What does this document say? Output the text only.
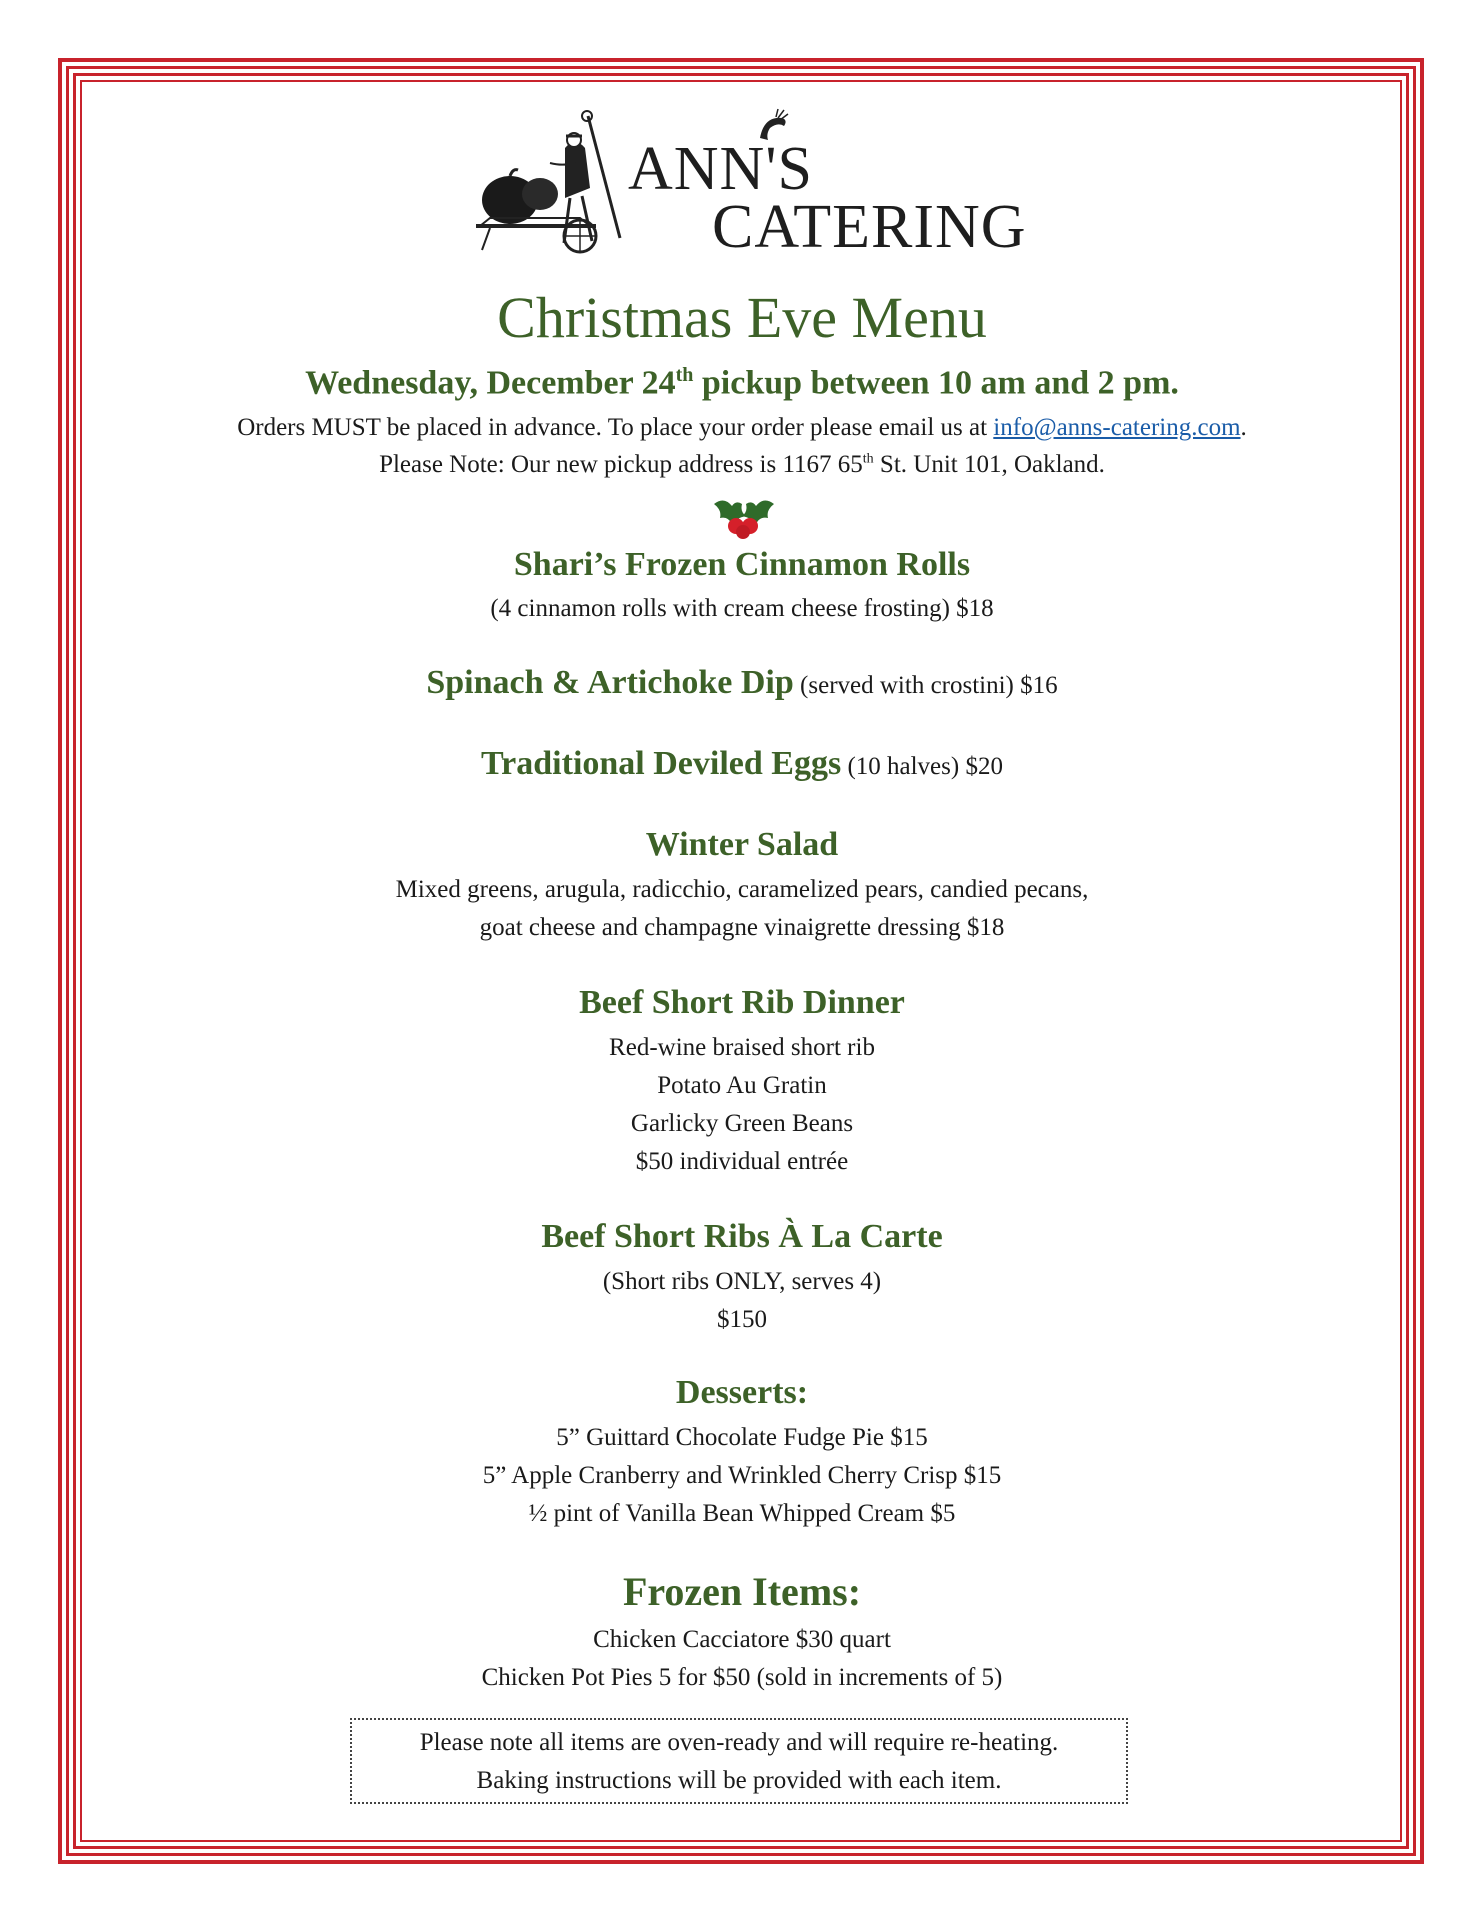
ANN'S
CATERING
Christmas Eve Menu
Wednesday, December 24th pickup between 10 am and 2 pm.
Orders MUST be placed in advance. To place your order please email us at info@anns-catering.com.
Please Note: Our new pickup address is 1167 65th St. Unit 101, Oakland.
Shari’s Frozen Cinnamon Rolls
(4 cinnamon rolls with cream cheese frosting) $18
Spinach & Artichoke Dip (served with crostini) $16
Traditional Deviled Eggs (10 halves) $20
Winter Salad
Mixed greens, arugula, radicchio, caramelized pears, candied pecans,
goat cheese and champagne vinaigrette dressing $18
Beef Short Rib Dinner
Red-wine braised short rib
Potato Au Gratin
Garlicky Green Beans
$50 individual entrée
Beef Short Ribs À La Carte
(Short ribs ONLY, serves 4)
$150
Desserts:
5” Guittard Chocolate Fudge Pie $15
5” Apple Cranberry and Wrinkled Cherry Crisp $15
½ pint of Vanilla Bean Whipped Cream $5
Frozen Items:
Chicken Cacciatore $30 quart
Chicken Pot Pies 5 for $50 (sold in increments of 5)
Please note all items are oven-ready and will require re-heating.
Baking instructions will be provided with each item.
